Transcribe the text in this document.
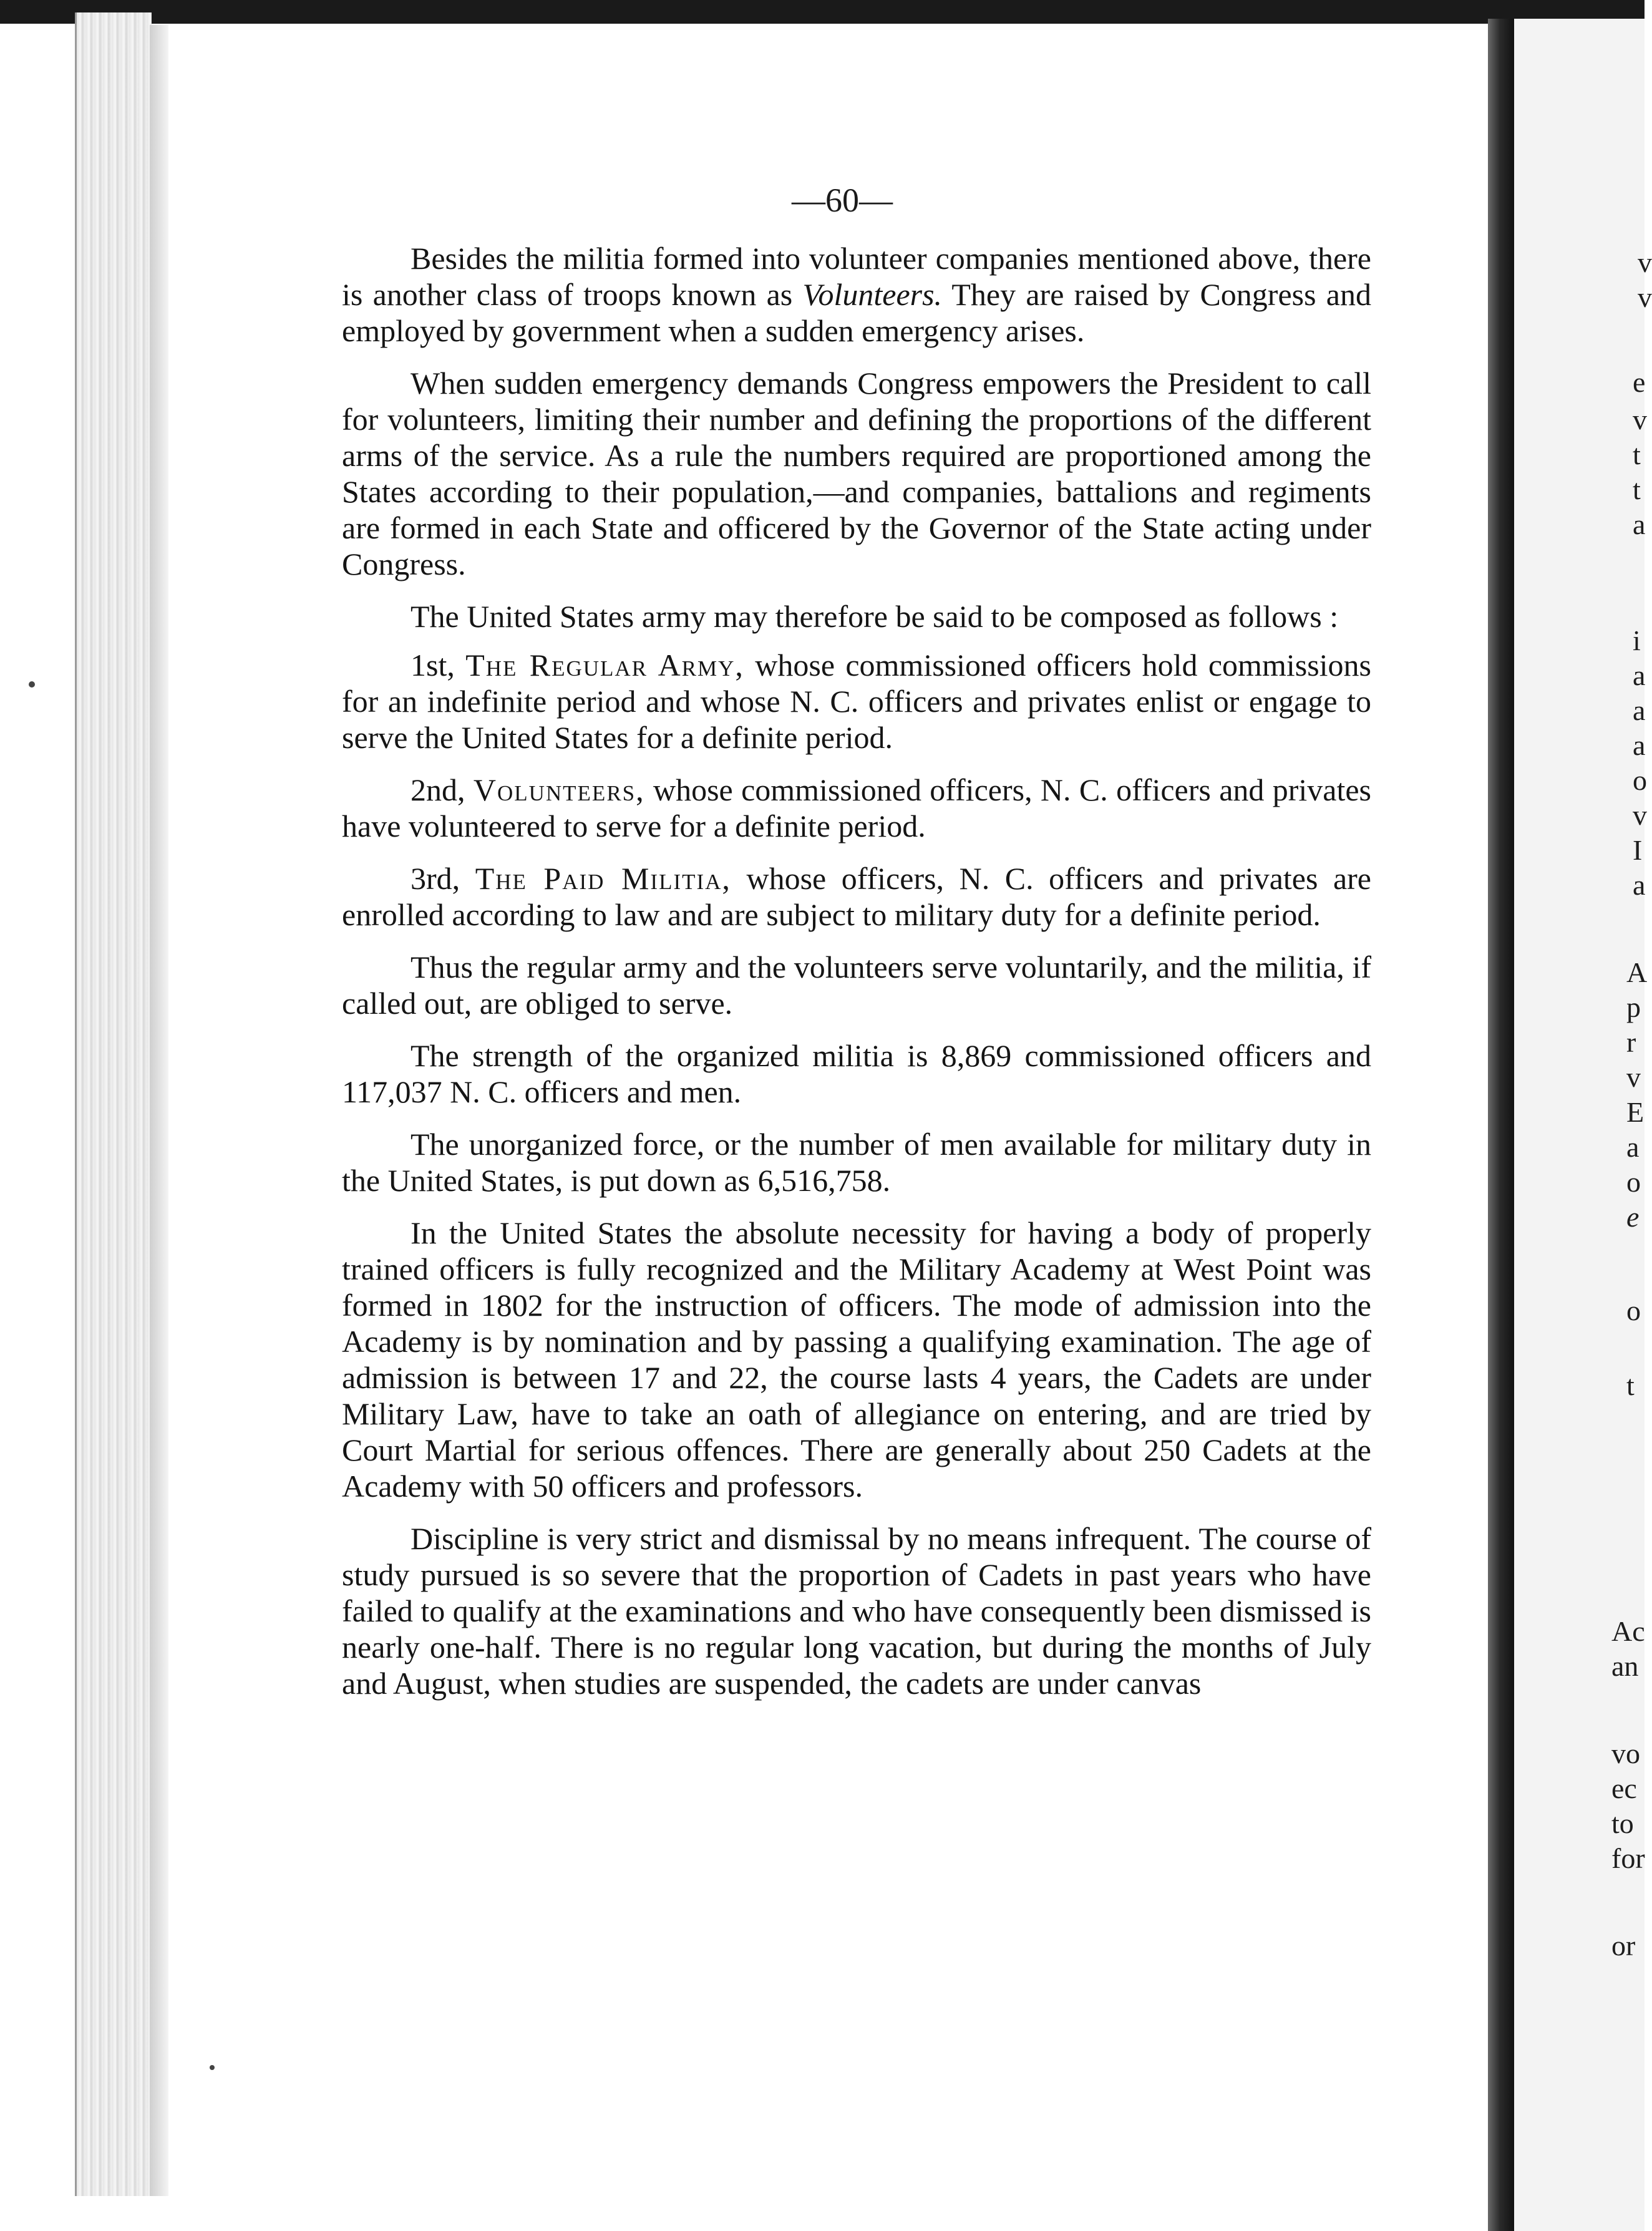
v
v
e
v
t
t
a
i
a
a
a
o
v
I
a
A
p
r
v
E
a
o
e
o
t
Ac
an
vo
ec
to
for
or
—60—

Besides the militia formed into volunteer companies mentioned above, there is another class of troops known as Volunteers. They are raised by Congress and employed by government when a sudden emergency arises.

When sudden emergency demands Congress empowers the President to call for volunteers, limiting their number and defining the proportions of the different arms of the service. As a rule the numbers required are proportioned among the States according to their population,—and companies, battalions and regiments are formed in each State and officered by the Governor of the State acting under Congress.

The United States army may therefore be said to be composed as follows :

1st, The Regular Army, whose commissioned officers hold commissions for an indefinite period and whose N. C. officers and privates enlist or engage to serve the United States for a definite period.

2nd, Volunteers, whose commissioned officers, N. C. officers and privates have volunteered to serve for a definite period.

3rd, The Paid Militia, whose officers, N. C. officers and privates are enrolled according to law and are subject to military duty for a definite period.

Thus the regular army and the volunteers serve voluntarily, and the militia, if called out, are obliged to serve.

The strength of the organized militia is 8,869 commissioned officers and 117,037 N. C. officers and men.

The unorganized force, or the number of men available for military duty in the United States, is put down as 6,516,758.

In the United States the absolute necessity for having a body of properly trained officers is fully recognized and the Military Academy at West Point was formed in 1802 for the instruction of officers. The mode of admission into the Academy is by nomination and by passing a qualifying examination. The age of admission is between 17 and 22, the course lasts 4 years, the Cadets are under Military Law, have to take an oath of allegiance on entering, and are tried by Court Martial for serious offences. There are generally about 250 Cadets at the Academy with 50 officers and professors.

Discipline is very strict and dismissal by no means infrequent. The course of study pursued is so severe that the proportion of Cadets in past years who have failed to qualify at the examinations and who have consequently been dismissed is nearly one-half. There is no regular long vacation, but during the months of July and August, when studies are suspended, the cadets are under canvas
